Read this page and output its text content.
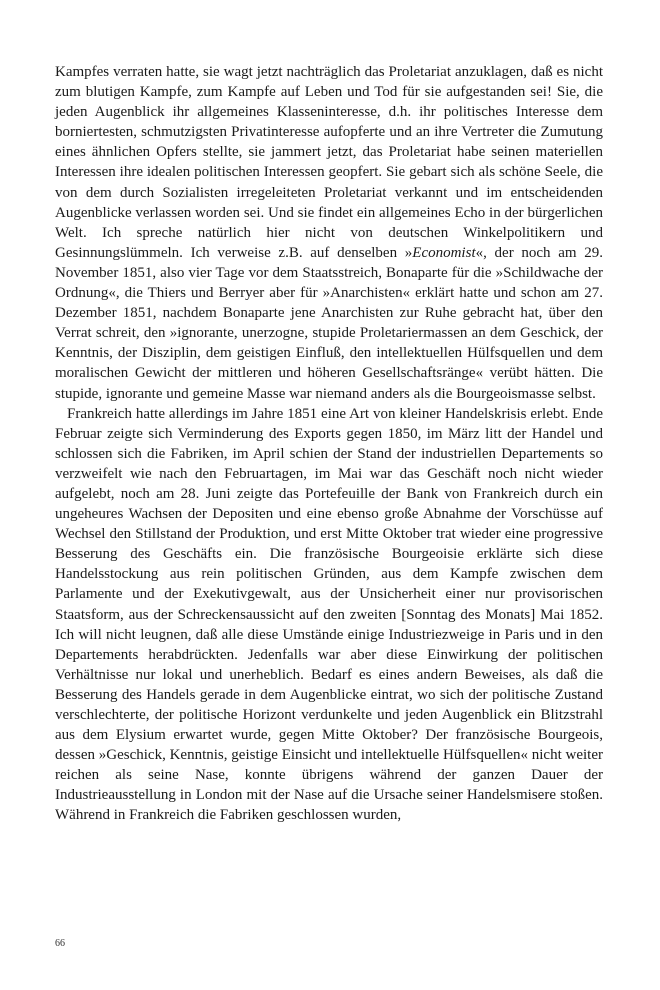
Kampfes verraten hatte, sie wagt jetzt nachträglich das Proletariat anzuklagen, daß es nicht zum blutigen Kampfe, zum Kampfe auf Leben und Tod für sie aufgestanden sei! Sie, die jeden Augenblick ihr allgemeines Klasseninteresse, d.h. ihr politisches Interesse dem borniertesten, schmutzigsten Privatinteresse aufopferte und an ihre Vertreter die Zumutung eines ähnlichen Opfers stellte, sie jammert jetzt, das Proletariat habe seinen materiellen Interessen ihre idealen politischen Interessen geopfert. Sie gebart sich als schöne Seele, die von dem durch Sozialisten irregeleiteten Proletariat verkannt und im entscheidenden Augenblicke verlassen worden sei. Und sie findet ein allgemeines Echo in der bürgerlichen Welt. Ich spreche natürlich hier nicht von deutschen Winkelpolitikern und Gesinnungslümmeln. Ich verweise z.B. auf denselben »Economist«, der noch am 29. November 1851, also vier Tage vor dem Staatsstreich, Bonaparte für die »Schildwache der Ordnung«, die Thiers und Berryer aber für »Anarchisten« erklärt hatte und schon am 27. Dezember 1851, nachdem Bonaparte jene Anarchisten zur Ruhe gebracht hat, über den Verrat schreit, den »ignorante, unerzogne, stupide Proletariermassen an dem Geschick, der Kenntnis, der Disziplin, dem geistigen Einfluß, den intellektuellen Hülfsquellen und dem moralischen Gewicht der mittleren und höheren Gesellschaftsränge« verübt hätten. Die stupide, ignorante und gemeine Masse war niemand anders als die Bourgeoismasse selbst.

Frankreich hatte allerdings im Jahre 1851 eine Art von kleiner Handelskrisis erlebt. Ende Februar zeigte sich Verminderung des Exports gegen 1850, im März litt der Handel und schlossen sich die Fabriken, im April schien der Stand der industriellen Departements so verzweifelt wie nach den Februartagen, im Mai war das Geschäft noch nicht wieder aufgelebt, noch am 28. Juni zeigte das Portefeuille der Bank von Frankreich durch ein ungeheures Wachsen der Depositen und eine ebenso große Abnahme der Vorschüsse auf Wechsel den Stillstand der Produktion, und erst Mitte Oktober trat wieder eine progressive Besserung des Geschäfts ein. Die französische Bourgeoisie erklärte sich diese Handelsstockung aus rein politischen Gründen, aus dem Kampfe zwischen dem Parlamente und der Exekutivgewalt, aus der Unsicherheit einer nur provisorischen Staatsform, aus der Schreckensaussicht auf den zweiten [Sonntag des Monats] Mai 1852. Ich will nicht leugnen, daß alle diese Umstände einige Industriezweige in Paris und in den Departements herabdrückten. Jedenfalls war aber diese Einwirkung der politischen Verhältnisse nur lokal und unerheblich. Bedarf es eines andern Beweises, als daß die Besserung des Handels gerade in dem Augenblicke eintrat, wo sich der politische Zustand verschlechterte, der politische Horizont verdunkelte und jeden Augenblick ein Blitzstrahl aus dem Elysium erwartet wurde, gegen Mitte Oktober? Der französische Bourgeois, dessen »Geschick, Kenntnis, geistige Einsicht und intellektuelle Hülfsquellen« nicht weiter reichen als seine Nase, konnte übrigens während der ganzen Dauer der Industrieausstellung in London mit der Nase auf die Ursache seiner Handelsmisere stoßen. Während in Frankreich die Fabriken geschlossen wurden,

66
